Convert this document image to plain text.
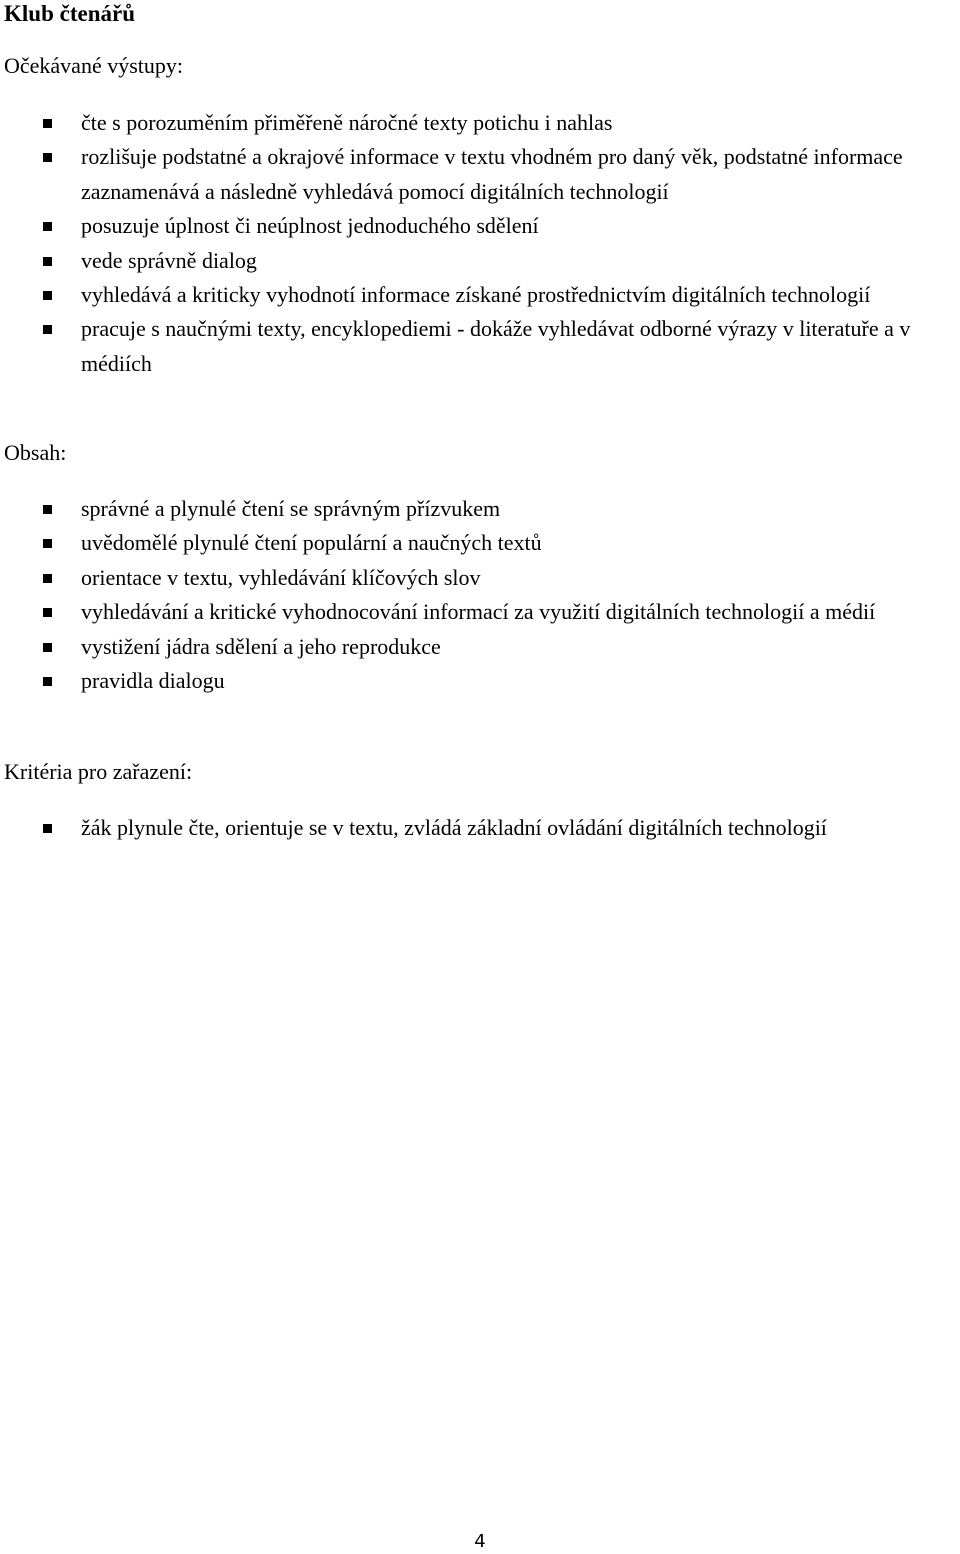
Klub čtenářů
Očekávané výstupy:
čte s porozuměním přiměřeně náročné texty potichu i nahlas
rozlišuje podstatné a okrajové informace v textu vhodném pro daný věk, podstatné informace zaznamenává a následně vyhledává pomocí digitálních technologií
posuzuje úplnost či neúplnost jednoduchého sdělení
vede správně dialog
vyhledává a kriticky vyhodnotí informace získané prostřednictvím digitálních technologií
pracuje s naučnými texty, encyklopediemi - dokáže vyhledávat odborné výrazy v literatuře a v médiích
Obsah:
správné a plynulé čtení se správným přízvukem
uvědomělé plynulé čtení populární a naučných textů
orientace v textu, vyhledávání klíčových slov
vyhledávání a kritické vyhodnocování informací za využití digitálních technologií a médií
vystižení jádra sdělení a jeho reprodukce
pravidla dialogu
Kritéria pro zařazení:
žák plynule čte, orientuje se v textu, zvládá základní ovládání digitálních technologií
4
